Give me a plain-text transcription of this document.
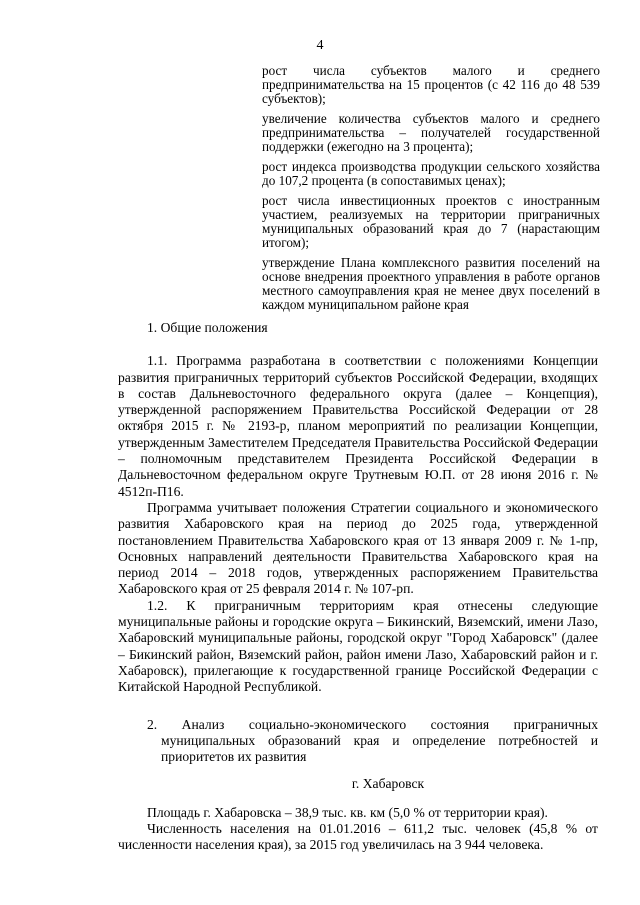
4

рост числа субъектов малого и среднего предпринимательства на 15 процентов (с 42 116 до 48 539 субъектов);

увеличение количества субъектов малого и среднего предпринимательства – получателей государственной поддержки (ежегодно на 3 процента);

рост индекса производства продукции сельского хозяйства до 107,2 процента (в сопоставимых ценах);

рост числа инвестиционных проектов с иностранным участием, реализуемых на территории приграничных муниципальных образований края до 7 (нарастающим итогом);

утверждение Плана комплексного развития поселений на основе внедрения проектного управления в работе органов местного самоуправления края не менее двух поселений в каждом муниципальном районе края

1. Общие положения

1.1. Программа разработана в соответствии с положениями Концепции развития приграничных территорий субъектов Российской Федерации, входящих в состав Дальневосточного федерального округа (далее – Концепция), утвержденной распоряжением Правительства Российской Федерации от 28 октября 2015 г. № 2193-р, планом мероприятий по реализации Концепции, утвержденным Заместителем Председателя Правительства Российской Федерации – полномочным представителем Президента Российской Федерации в Дальневосточном федеральном округе Трутневым Ю.П. от 28 июня 2016 г. № 4512п-П16.

Программа учитывает положения Стратегии социального и экономического развития Хабаровского края на период до 2025 года, утвержденной постановлением Правительства Хабаровского края от 13 января 2009 г. № 1-пр, Основных направлений деятельности Правительства Хабаровского края на период 2014 – 2018 годов, утвержденных распоряжением Правительства Хабаровского края от 25 февраля 2014 г. № 107-рп.

1.2. К приграничным территориям края отнесены следующие муниципальные районы и городские округа – Бикинский, Вяземский, имени Лазо, Хабаровский муниципальные районы, городской округ "Город Хабаровск" (далее – Бикинский район, Вяземский район, район имени Лазо, Хабаровский район и г. Хабаровск), прилегающие к государственной границе Российской Федерации с Китайской Народной Республикой.

2. Анализ социально-экономического состояния приграничных муниципальных образований края и определение потребностей и приоритетов их развития

г. Хабаровск

Площадь г. Хабаровска – 38,9 тыс. кв. км (5,0 % от территории края).

Численность населения на 01.01.2016 – 611,2 тыс. человек (45,8 % от численности населения края), за 2015 год увеличилась на 3 944 человека.
